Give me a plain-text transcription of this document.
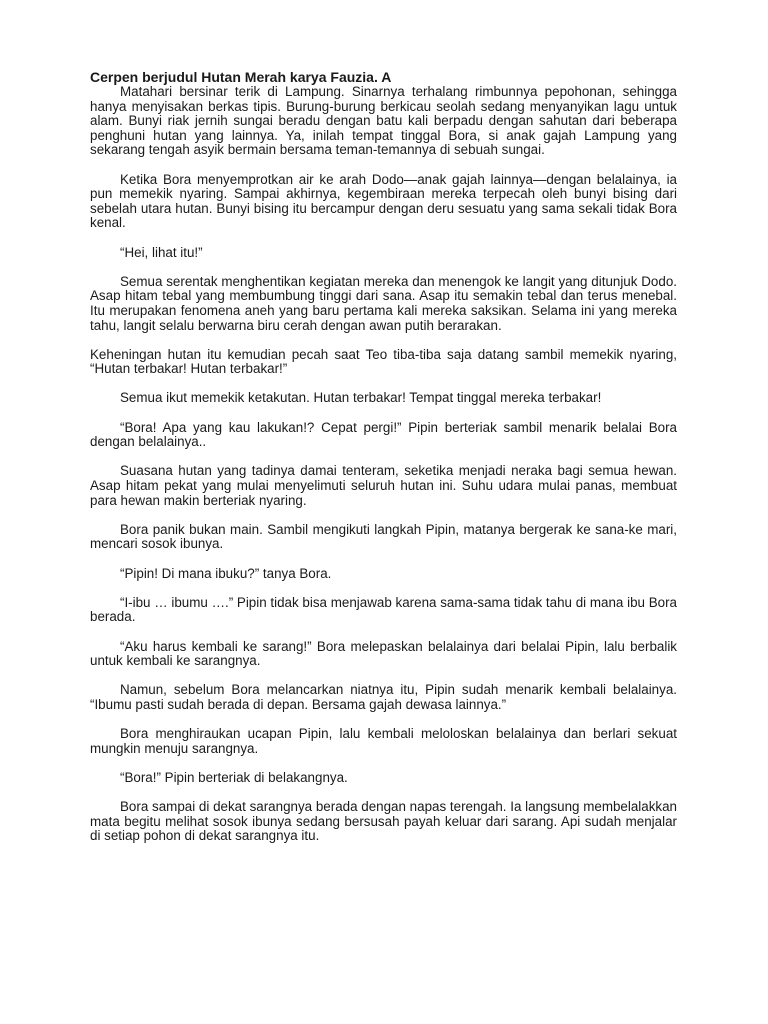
Cerpen berjudul Hutan Merah karya Fauzia. A

Matahari bersinar terik di Lampung. Sinarnya terhalang rimbunnya pepohonan, sehingga hanya menyisakan berkas tipis. Burung-burung berkicau seolah sedang menyanyikan lagu untuk alam. Bunyi riak jernih sungai beradu dengan batu kali berpadu dengan sahutan dari beberapa penghuni hutan yang lainnya. Ya, inilah tempat tinggal Bora, si anak gajah Lampung yang sekarang tengah asyik bermain bersama teman-temannya di sebuah sungai.

Ketika Bora menyemprotkan air ke arah Dodo—anak gajah lainnya—dengan belalainya, ia pun memekik nyaring. Sampai akhirnya, kegembiraan mereka terpecah oleh bunyi bising dari sebelah utara hutan. Bunyi bising itu bercampur dengan deru sesuatu yang sama sekali tidak Bora kenal.

“Hei, lihat itu!”

Semua serentak menghentikan kegiatan mereka dan menengok ke langit yang ditunjuk Dodo. Asap hitam tebal yang membumbung tinggi dari sana. Asap itu semakin tebal dan terus menebal. Itu merupakan fenomena aneh yang baru pertama kali mereka saksikan. Selama ini yang mereka tahu, langit selalu berwarna biru cerah dengan awan putih berarakan.

Keheningan hutan itu kemudian pecah saat Teo tiba-tiba saja datang sambil memekik nyaring, “Hutan terbakar! Hutan terbakar!”

Semua ikut memekik ketakutan. Hutan terbakar! Tempat tinggal mereka terbakar!

“Bora! Apa yang kau lakukan!? Cepat pergi!” Pipin berteriak sambil menarik belalai Bora dengan belalainya..

Suasana hutan yang tadinya damai tenteram, seketika menjadi neraka bagi semua hewan. Asap hitam pekat yang mulai menyelimuti seluruh hutan ini. Suhu udara mulai panas, membuat para hewan makin berteriak nyaring.

Bora panik bukan main. Sambil mengikuti langkah Pipin, matanya bergerak ke sana-ke mari, mencari sosok ibunya.

“Pipin! Di mana ibuku?” tanya Bora.

“I-ibu … ibumu ….” Pipin tidak bisa menjawab karena sama-sama tidak tahu di mana ibu Bora berada.

“Aku harus kembali ke sarang!” Bora melepaskan belalainya dari belalai Pipin, lalu berbalik untuk kembali ke sarangnya.

Namun, sebelum Bora melancarkan niatnya itu, Pipin sudah menarik kembali belalainya. “Ibumu pasti sudah berada di depan. Bersama gajah dewasa lainnya.”

Bora menghiraukan ucapan Pipin, lalu kembali meloloskan belalainya dan berlari sekuat mungkin menuju sarangnya.

“Bora!” Pipin berteriak di belakangnya.

Bora sampai di dekat sarangnya berada dengan napas terengah. Ia langsung membelalakkan mata begitu melihat sosok ibunya sedang bersusah payah keluar dari sarang. Api sudah menjalar di setiap pohon di dekat sarangnya itu.
